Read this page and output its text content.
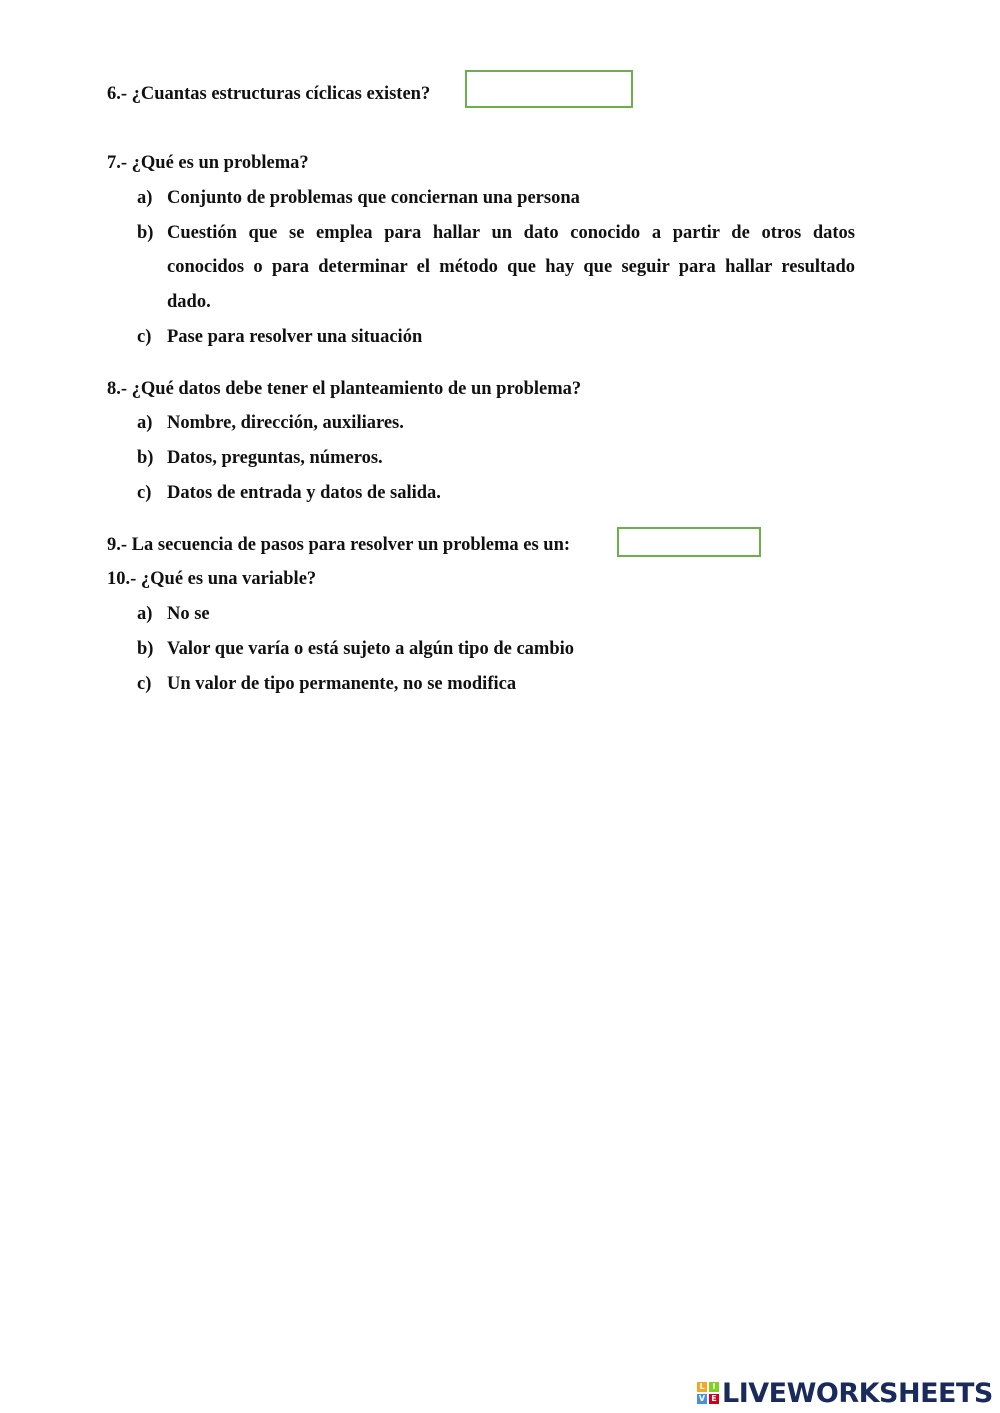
6.- ¿Cuantas estructuras cíclicas existen?
7.- ¿Qué es un problema?
a) Conjunto de problemas que conciernan una persona
b) Cuestión que se emplea para hallar un dato conocido a partir de otros datos
conocidos o para determinar el método que hay que seguir para hallar resultado
dado.
c) Pase para resolver una situación
8.- ¿Qué datos debe tener el planteamiento de un problema?
a) Nombre, dirección, auxiliares.
b) Datos, preguntas, números.
c) Datos de entrada y datos de salida.
9.- La secuencia de pasos para resolver un problema es un:
10.- ¿Qué es una variable?
a) No se
b) Valor que varía o está sujeto a algún tipo de cambio
c) Un valor de tipo permanente, no se modifica
L I
V E LIVEWORKSHEETS
